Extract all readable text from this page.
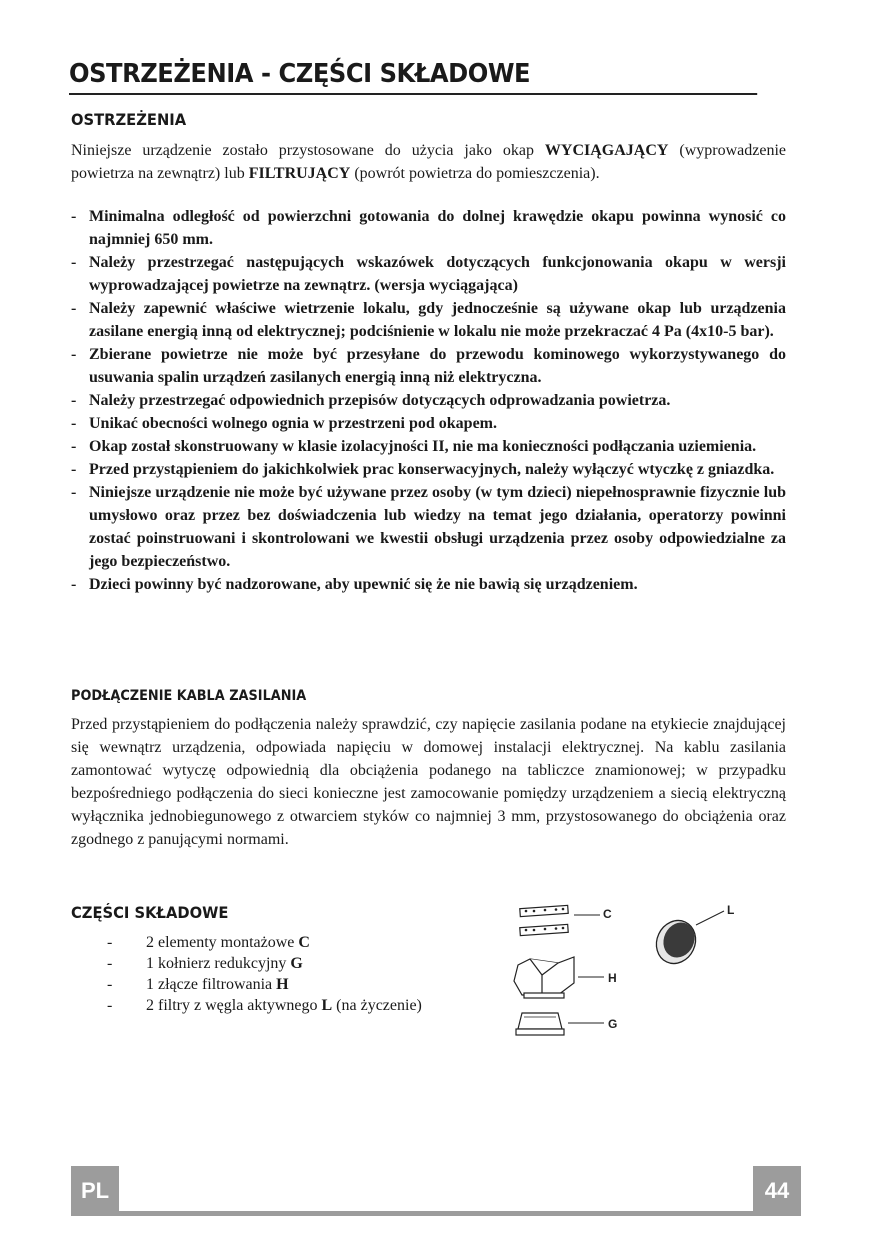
OSTRZEŻENIA - CZĘŚCI SKŁADOWE
OSTRZEŻENIA

Niniejsze urządzenie zostało przystosowane do użycia jako okap WYCIĄGAJĄCY (wyprowadzenie powietrza na zewnątrz) lub FILTRUJĄCY (powrót powietrza do pomieszczenia).

- Minimalna odległość od powierzchni gotowania do dolnej krawędzie okapu powinna wynosić co najmniej 650 mm.
- Należy przestrzegać następujących wskazówek dotyczących funkcjonowania okapu w wersji wyprowadzającej powietrze na zewnątrz. (wersja wyciągająca)
- Należy zapewnić właściwe wietrzenie lokalu, gdy jednocześnie są używane okap lub urządzenia zasilane energią inną od elektrycznej; podciśnienie w lokalu nie może przekraczać 4 Pa (4x10-5 bar).
- Zbierane powietrze nie może być przesyłane do przewodu kominowego wykorzystywanego do usuwania spalin urządzeń zasilanych energią inną niż elektryczna.
- Należy przestrzegać odpowiednich przepisów dotyczących odprowadzania powietrza.
- Unikać obecności wolnego ognia w przestrzeni pod okapem.
- Okap został skonstruowany w klasie izolacyjności II, nie ma konieczności podłączania uziemienia.
- Przed przystąpieniem do jakichkolwiek prac konserwacyjnych, należy wyłączyć wtyczkę z gniazdka.
- Niniejsze urządzenie nie może być używane przez osoby (w tym dzieci) niepełnosprawnie fizycznie lub umysłowo oraz przez bez doświadczenia lub wiedzy na temat jego działania, operatorzy powinni zostać poinstruowani i skontrolowani we kwestii obsługi urządzenia przez osoby odpowiedzialne za jego bezpieczeństwo.
- Dzieci powinny być nadzorowane, aby upewnić się że nie bawią się urządzeniem.
PODŁĄCZENIE KABLA ZASILANIA

Przed przystąpieniem do podłączenia należy sprawdzić, czy napięcie zasilania podane na etykiecie znajdującej się wewnątrz urządzenia, odpowiada napięciu w domowej instalacji elektrycznej. Na kablu zasilania zamontować wytyczę odpowiednią dla obciążenia podanego na tabliczce znamionowej; w przypadku bezpośredniego podłączenia do sieci konieczne jest zamocowanie pomiędzy urządzeniem a siecią elektryczną wyłącznika jednobiegunowego z otwarciem styków co najmniej 3 mm, przystosowanego do obciążenia oraz zgodnego z panującymi normami.

CZĘŚCI SKŁADOWE
- 2 elementy montażowe C
- 1 kołnierz redukcyjny G
- 1 złącze filtrowania H
- 2 filtry z węgla aktywnego L (na życzenie)
C	L
H
G
PL	44
